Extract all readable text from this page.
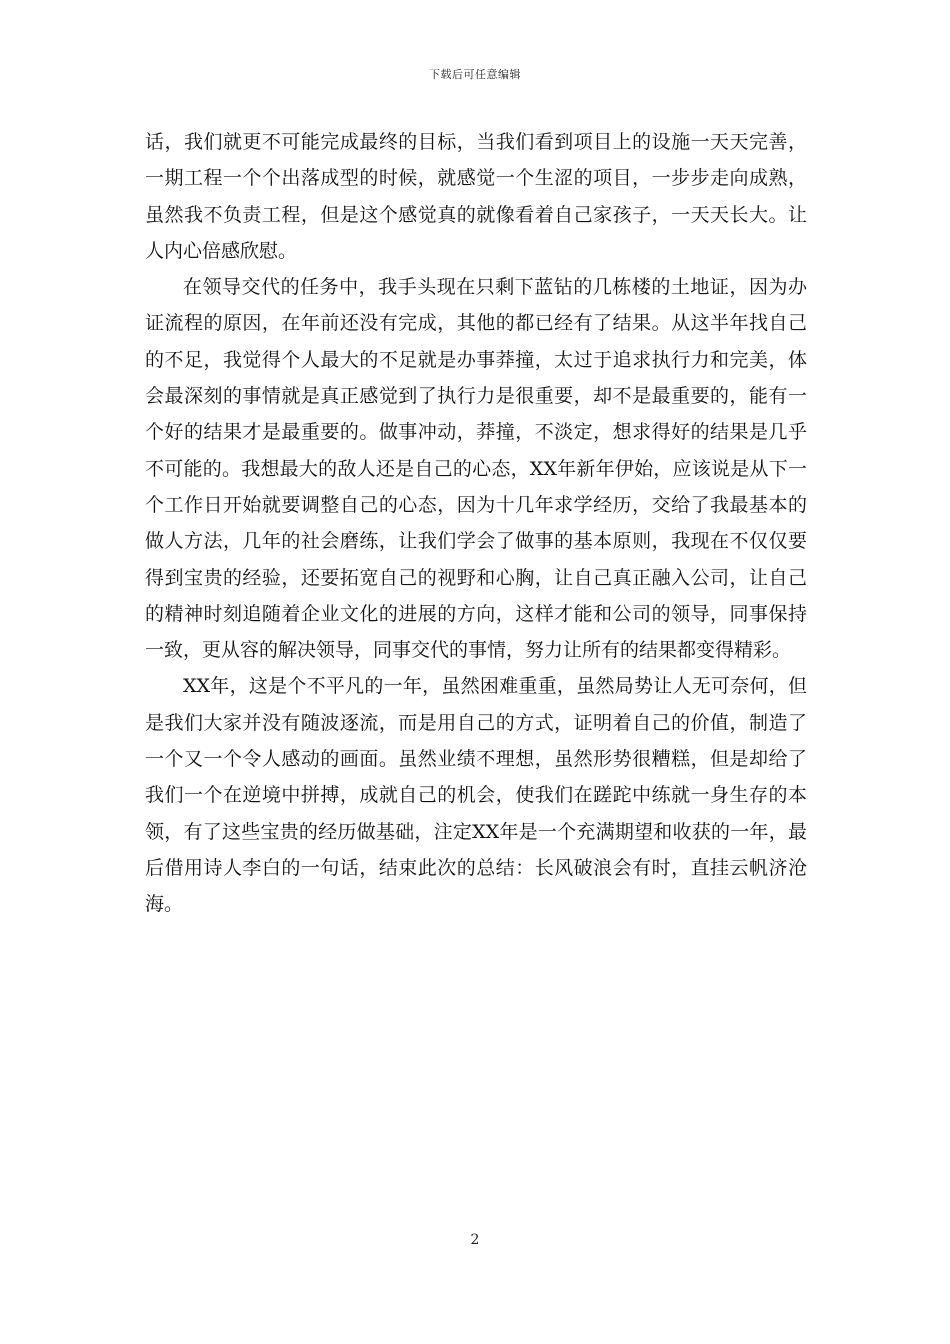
下载后可任意编辑

话，我们就更不可能完成最终的目标，当我们看到项目上的设施一天天完善，一期工程一个个出落成型的时候，就感觉一个生涩的项目，一步步走向成熟，虽然我不负责工程，但是这个感觉真的就像看着自己家孩子，一天天长大。让人内心倍感欣慰。

在领导交代的任务中，我手头现在只剩下蓝钻的几栋楼的土地证，因为办证流程的原因，在年前还没有完成，其他的都已经有了结果。从这半年找自己的不足，我觉得个人最大的不足就是办事莽撞，太过于追求执行力和完美，体会最深刻的事情就是真正感觉到了执行力是很重要，却不是最重要的，能有一个好的结果才是最重要的。做事冲动，莽撞，不淡定，想求得好的结果是几乎不可能的。我想最大的敌人还是自己的心态，XX年新年伊始，应该说是从下一个工作日开始就要调整自己的心态，因为十几年求学经历，交给了我最基本的做人方法，几年的社会磨练，让我们学会了做事的基本原则，我现在不仅仅要得到宝贵的经验，还要拓宽自己的视野和心胸，让自己真正融入公司，让自己的精神时刻追随着企业文化的进展的方向，这样才能和公司的领导，同事保持一致，更从容的解决领导，同事交代的事情，努力让所有的结果都变得精彩。

XX年，这是个不平凡的一年，虽然困难重重，虽然局势让人无可奈何，但是我们大家并没有随波逐流，而是用自己的方式，证明着自己的价值，制造了一个又一个令人感动的画面。虽然业绩不理想，虽然形势很糟糕，但是却给了我们一个在逆境中拼搏，成就自己的机会，使我们在蹉跎中练就一身生存的本领，有了这些宝贵的经历做基础，注定XX年是一个充满期望和收获的一年，最后借用诗人李白的一句话，结束此次的总结：长风破浪会有时，直挂云帆济沧海。

2
